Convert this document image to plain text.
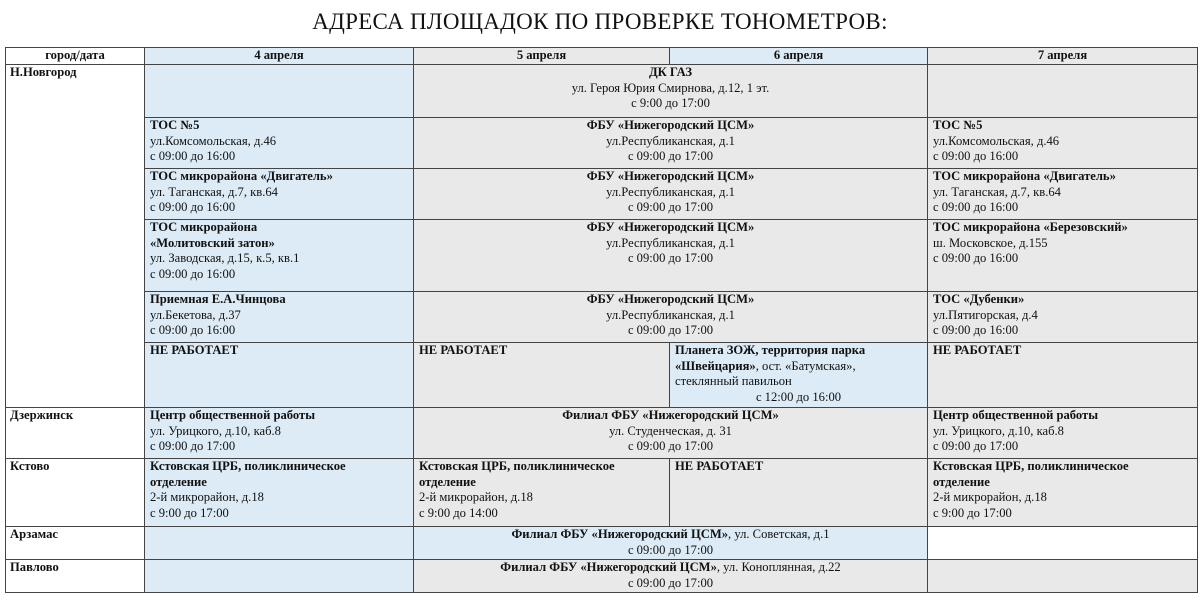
АДРЕСА ПЛОЩАДОК ПО ПРОВЕРКЕ ТОНОМЕТРОВ:
город/дата	4 апреля	5 апреля	6 апреля	7 апреля
Н.Новгород		ДК ГАЗ
ул. Героя Юрия Смирнова, д.12, 1 эт.
с 9:00 до 17:00		

	ТОС №5
ул.Комсомольская, д.46
с 09:00 до 16:00	ФБУ «Нижегородский ЦСМ»
ул.Республиканская, д.1
с 09:00 до 17:00		ТОС №5
ул.Комсомольская, д.46
с 09:00 до 16:00

	ТОС микрорайона «Двигатель»
ул. Таганская, д.7, кв.64
с 09:00 до 16:00	ФБУ «Нижегородский ЦСМ»
ул.Республиканская, д.1
с 09:00 до 17:00		ТОС микрорайона «Двигатель»
ул. Таганская, д.7, кв.64
с 09:00 до 16:00

	ТОС микрорайона
«Молитовский затон»
ул. Заводская, д.15, к.5, кв.1
с 09:00 до 16:00	ФБУ «Нижегородский ЦСМ»
ул.Республиканская, д.1
с 09:00 до 17:00		ТОС микрорайона «Березовский»
ш. Московское, д.155
с 09:00 до 16:00

	Приемная Е.А.Чинцова
ул.Бекетова, д.37
с 09:00 до 16:00	ФБУ «Нижегородский ЦСМ»
ул.Республиканская, д.1
с 09:00 до 17:00		ТОС «Дубенки»
ул.Пятигорская, д.4
с 09:00 до 16:00

	НЕ РАБОТАЕТ	НЕ РАБОТАЕТ	Планета ЗОЖ, территория парка
«Швейцария», ост. «Батумская»,
стеклянный павильон
с 12:00 до 16:00	НЕ РАБОТАЕТ

Дзержинск	Центр общественной работы
ул. Урицкого, д.10, каб.8
с 09:00 до 17:00	Филиал ФБУ «Нижегородский ЦСМ»
ул. Студенческая, д. 31
с 09:00 до 17:00		Центр общественной работы
ул. Урицкого, д.10, каб.8
с 09:00 до 17:00

Кстово	Кстовская ЦРБ, поликлиническое
отделение
2-й микрорайон, д.18
с 9:00 до 17:00	Кстовская ЦРБ, поликлиническое
отделение
2-й микрорайон, д.18
с 9:00 до 14:00	НЕ РАБОТАЕТ	Кстовская ЦРБ, поликлиническое
отделение
2-й микрорайон, д.18
с 9:00 до 17:00

Арзамас		Филиал ФБУ «Нижегородский ЦСМ», ул. Советская, д.1
с 09:00 до 17:00		

Павлово		Филиал ФБУ «Нижегородский ЦСМ», ул. Коноплянная, д.22
с 09:00 до 17:00		
